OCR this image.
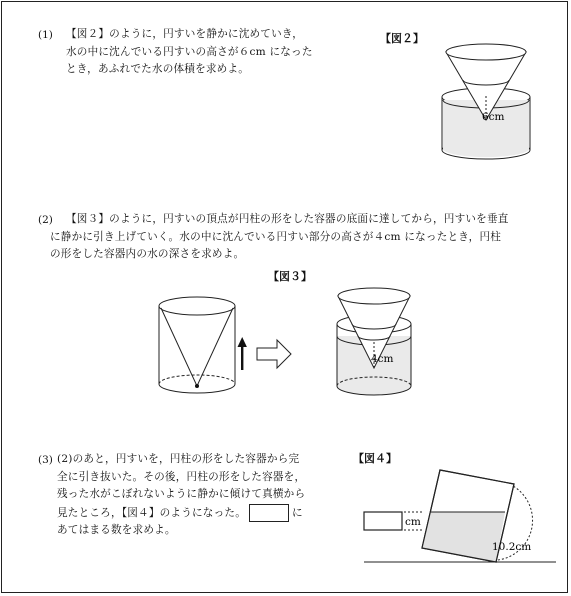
(1) 【図２】のように，円すいを静かに沈めていき，
水の中に沈んでいる円すいの高さが６cm になった
とき，あふれでた水の体積を求めよ。
【図２】
6cm
(2) 【図３】のように，円すいの頂点が円柱の形をした容器の底面に達してから，円すいを垂直
に静かに引き上げていく。水の中に沈んでいる円すい部分の高さが４cm になったとき，円柱
の形をした容器内の水の深さを求めよ。
【図３】
4cm
(3) (2)のあと，円すいを，円柱の形をした容器から完
全に引き抜いた。その後，円柱の形をした容器を，
残った水がこぼれないように静かに傾けて真横から
見たところ，【図４】のようになった。	に
あてはまる数を求めよ。
【図４】
cm
10.2cm
